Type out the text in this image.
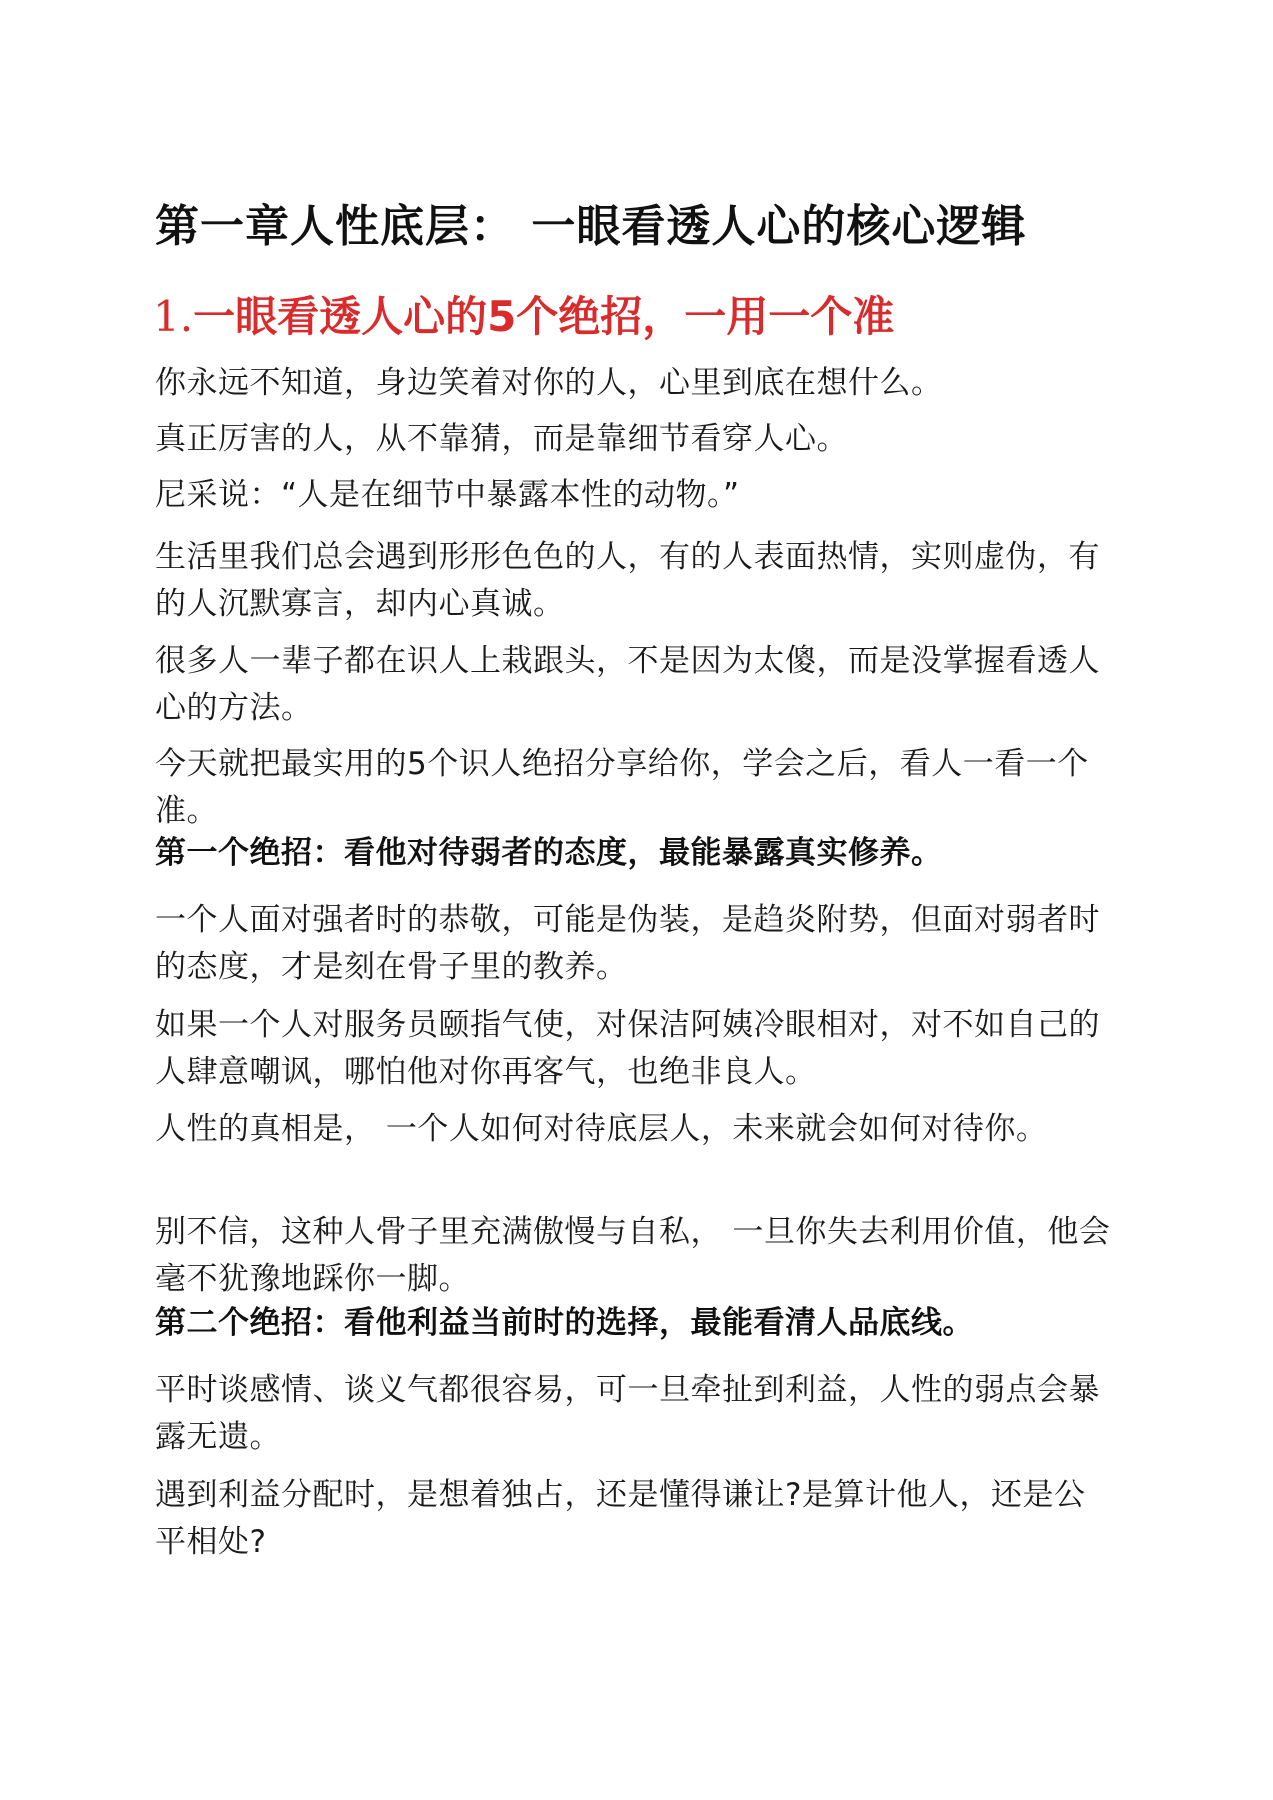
第一章人性底层： 一眼看透人心的核心逻辑
1.一眼看透人心的5个绝招，一用一个准

你永远不知道，身边笑着对你的人，心里到底在想什么。

真正厉害的人，从不靠猜，而是靠细节看穿人心。

尼采说：“人是在细节中暴露本性的动物。”

生活里我们总会遇到形形色色的人，有的人表面热情，实则虚伪，有的人沉默寡言，却内心真诚。

很多人一辈子都在识人上栽跟头，不是因为太傻，而是没掌握看透人心的方法。

今天就把最实用的5个识人绝招分享给你，学会之后，看人一看一个准。

第一个绝招：看他对待弱者的态度，最能暴露真实修养。

一个人面对强者时的恭敬，可能是伪装，是趋炎附势，但面对弱者时的态度，才是刻在骨子里的教养。

如果一个人对服务员颐指气使，对保洁阿姨冷眼相对，对不如自己的人肆意嘲讽，哪怕他对你再客气，也绝非良人。

人性的真相是， 一个人如何对待底层人，未来就会如何对待你。

别不信，这种人骨子里充满傲慢与自私， 一旦你失去利用价值，他会毫不犹豫地踩你一脚。

第二个绝招：看他利益当前时的选择，最能看清人品底线。

平时谈感情、谈义气都很容易，可一旦牵扯到利益，人性的弱点会暴露无遗。

遇到利益分配时，是想着独占，还是懂得谦让?是算计他人，还是公平相处?
